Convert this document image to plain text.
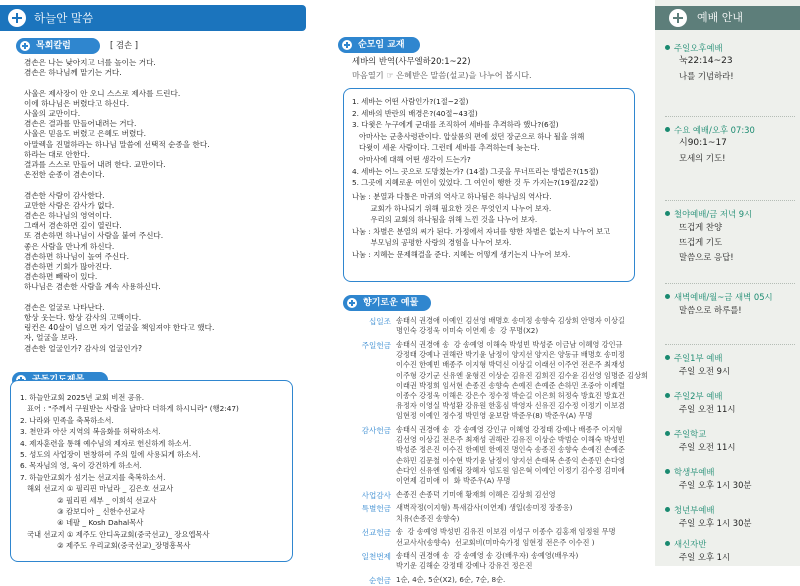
하늘안 말씀
목회칼럼	[ 겸손 ]
겸손은 나는 낮아지고 너를 높이는 거다.
겸손은 하나님께 맡기는 거다.
사울은 제사장이 안 오니 스스로 제사를 드린다.
이에 하나님은 버렸다고 하신다.
사울의 교만이다.
겸손은 결과를 만들어내려는 거다.
사울은 믿음도 버렸고 은혜도 버렸다.
아말렉을 진멸하라는 하나님 말씀에 선택적 순종을 한다.
하라는 대로 안한다.
결과를 스스로 만들어 내려 한다. 교만이다.
온전한 순종이 겸손이다.
겸손한 사람이 감사한다.
교만한 사람은 감사가 없다.
겸손은 하나님의 영역이다.
그래서 겸손하면 깊이 열린다.
또 겸손하면 하나님이 사람을 붙여 주신다.
좋은 사람을 만나게 하신다.
겸손하면 하나님이 높여 주신다.
겸손하면 기회가 많아진다.
겸손하면 빼락이 있다.
하나님은 겸손한 사람을 계속 사용하신다.
겸손은 얼굴로 나타난다.
항상 웃는다. 항상 감사의 고백이다.
링컨은 40살이 넘으면 자기 얼굴을 책임져야 한다고 했다.
자, 얼굴을 보라.
겸손한 얼굴인가? 감사의 얼굴인가?
1. 하늘안교회 2025년 교회 비전 공유.
표어 : "주께서 구원받는 사람을 날마다 더하게 하시니라" (행2:47)
2. 나라와 민족을 축복하소서.
3. 천안과 아산 지역의 복음화를 허락하소서.
4. 제자훈련을 통해 예수님의 제자로 헌신하게 하소서.
5. 성도의 사업장이 번창하여 주의 일에 사용되게 하소서.
6. 목자님의 영, 육이 강건하게 하소서.
7. 하늘안교회가 섬기는 선교지를 축복하소서.
해외 선교지 ① 필리핀 마닐라 _ 김은호 선교사
② 필리핀 세부 _ 이희석 선교사
③ 캄보디아 _ 신한수선교사
④ 네팔 _ Kosh Dahal목사
국내 선교지 ① 제주도 안디옥교회(중국선교)_ 장요엡목사
② 제주도 우리교회(중국선교)_장명흥목사
순모임 교재
세바의 반역(사무엘하20:1~22)
마음열기 ☞ 은혜받은 말씀(설교)을 나누어 봅시다.
1. 세바는 어떤 사람인가?(1절~2절)
2. 세바의 반란의 배경은?(40절~43절)
3. 다윗은 누구에게 군대를 조직하여 세바를 추격하라 했나?(6절)
아마사는 군총사령관이다. 압살롬의 편에 섰던 장군으로 하나 될을 위해
다윗이 세운 사람이다. 그런데 세바를 추격하는데 늦는다.
아마사에 대해 어떤 생각이 드는가?
4. 세바는 어느 곳으로 도망쳤는가? (14절) 그곳을 무너뜨리는 방법은?(15절)
5. 그곳에 지혜로운 여인이 있었다. 그 여인이 행한 것 두 가지는?(19절/22절)
나눔 : 분열과 다툼은 마귀의 역사고 하나됨은 하나님의 역사다.
교회가 하나되기 위해 필요한 것은 무엇인지 나누어 보자.
우리의 교회의 하나됨을 위해 느낀 것을 나누어 보자.
나눔 : 차별은 분열의 씨가 된다. 가정에서 자녀를 향한 차별은 없는지 나누어 보고
부모님의 공평한 사랑의 경험을 나누어 보자.
나눔 : 지혜는 문제해결을 준다. 지혜는 어떻게 생기는지 나누어 보자.
향기로운 예물
십일조 송태식 권경애 이예인 김선영 배명호 송미정 송향숙 김상희 안명자 이상길
명인숙 강정욱 이미숙 이연제 송  강 무명(X2)
주일헌금 송태식 권경애 송  강 송예영 이해숙 박성빈 박성준 이금남 이혜영 강인규
강정태 강예나 권해란 박기윤 남정이 양지선 양지은 양동규 배명호 송미정
이수진 한예빈 배종주 이지형 박덕신 이상길 이래선 이주연 전은주 최재성
이주형 강기군 신유엔 윤형진 이상순 김유진 김희진 김수윤 김선영 임명준 김상희
이래권 박정희 임서현 손종진 송향숙 손예진 손예준 손하민 조중아 이례렬
이종수 강정욱 이해은 강은수 정수정 박순길 이은희 허정숙 방효진 방효건
유정자 이영실 박성환 강유원 한홍심 박영자 신유진 김수정 이정기 이보겸
임현정 이예인 정수정 박민영 윤보람 박준우(8) 박준우(A) 무명
감사헌금 송태식 권경애 송  강 송예영 강인규 이혜영 강정태 강예나 배종주 이지형
김선영 이상길 전은주 최재성 권해란 김유진 이상순 박범순 이해숙 박성빈
박성준 정은진 이수진 한예빈 한예진 명인숙 송종진 송향숙 손예진 손예준
손하민 김문철 이수현 박기윤 남정이 양지선 손태복 손종익 손종민 손다영
손다인 신유엔 임예림 장혜자 임도원 임은혁 이예인 이정기 김수정 김미애
이연제 김미애 이  화 박준우(A) 무명
사업감사 손종진 손종덕 기미애 황재희 이혜은 김상희 김선영
특별헌금 새벽작정(이지형) 특새감사(이연제) 생일(송미정 장종응)
치유(손종진 송향숙)
선교헌금 송  강 송예영 박성빈 김유진 이보검 이성구 이종수 김홍재 임정원 무명
선교사사(송향숙)  선교회비(미마숙가정 임현정 전은주 이수진 )
일천번제 송태식 권경애 송  강 송예영 송 강(배우자) 송예영(배우자)
박기운 김해순 강정태 강예나 강유건 정은진
순헌금 1순, 4순, 5순(X2), 6순, 7순, 8순.
예배 안내
주일오후예배
눅22:14~23
나를 기념하라!
수요 예배/오후 07:30
시90:1~17
모세의 기도!
철야예배/금 저녁 9시
뜨겁게 찬양
뜨겁게 기도
말씀으로 응답!
새벽예배/월~금 새벽 05시
말씀으로 하루를!
주일1부 예배
주일 오전 9시
주일2부 예배
주일 오전 11시
주일학교
주일 오전 11시
학생부예배
주일 오후 1시 30분
청년부예배
주일 오후 1시 30분
새신자반
주일 오후 1시
